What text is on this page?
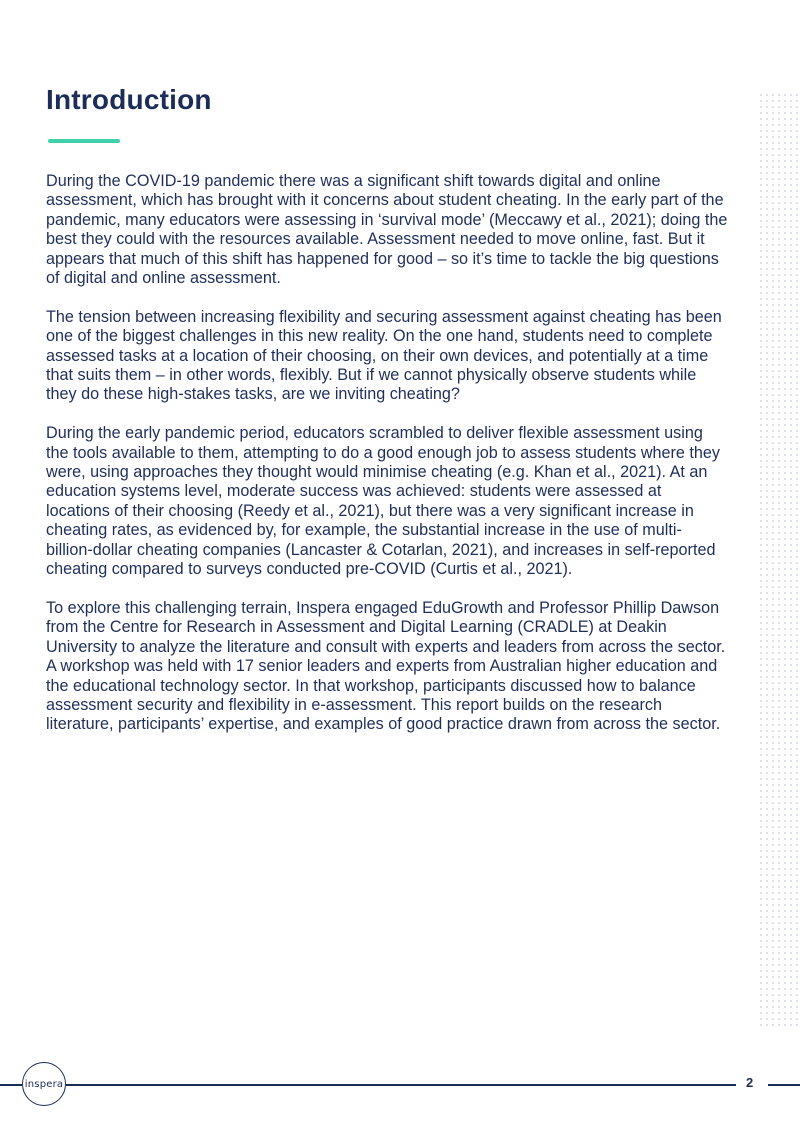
Introduction

During the COVID-19 pandemic there was a significant shift towards digital and online assessment, which has brought with it concerns about student cheating. In the early part of the pandemic, many educators were assessing in ‘survival mode’ (Meccawy et al., 2021); doing the best they could with the resources available. Assessment needed to move online, fast. But it appears that much of this shift has happened for good – so it’s time to tackle the big questions of digital and online assessment.

The tension between increasing flexibility and securing assessment against cheating has been one of the biggest challenges in this new reality. On the one hand, students need to complete assessed tasks at a location of their choosing, on their own devices, and potentially at a time that suits them – in other words, flexibly. But if we cannot physically observe students while they do these high-stakes tasks, are we inviting cheating?

During the early pandemic period, educators scrambled to deliver flexible assessment using the tools available to them, attempting to do a good enough job to assess students where they were, using approaches they thought would minimise cheating (e.g. Khan et al., 2021). At an education systems level, moderate success was achieved: students were assessed at locations of their choosing (Reedy et al., 2021), but there was a very significant increase in cheating rates, as evidenced by, for example, the substantial increase in the use of multi-billion-dollar cheating companies (Lancaster & Cotarlan, 2021), and increases in self-reported cheating compared to surveys conducted pre-COVID (Curtis et al., 2021).

To explore this challenging terrain, Inspera engaged EduGrowth and Professor Phillip Dawson from the Centre for Research in Assessment and Digital Learning (CRADLE) at Deakin University to analyze the literature and consult with experts and leaders from across the sector. A workshop was held with 17 senior leaders and experts from Australian higher education and the educational technology sector. In that workshop, participants discussed how to balance assessment security and flexibility in e-assessment. This report builds on the research literature, participants’ expertise, and examples of good practice drawn from across the sector.

inspera	2
